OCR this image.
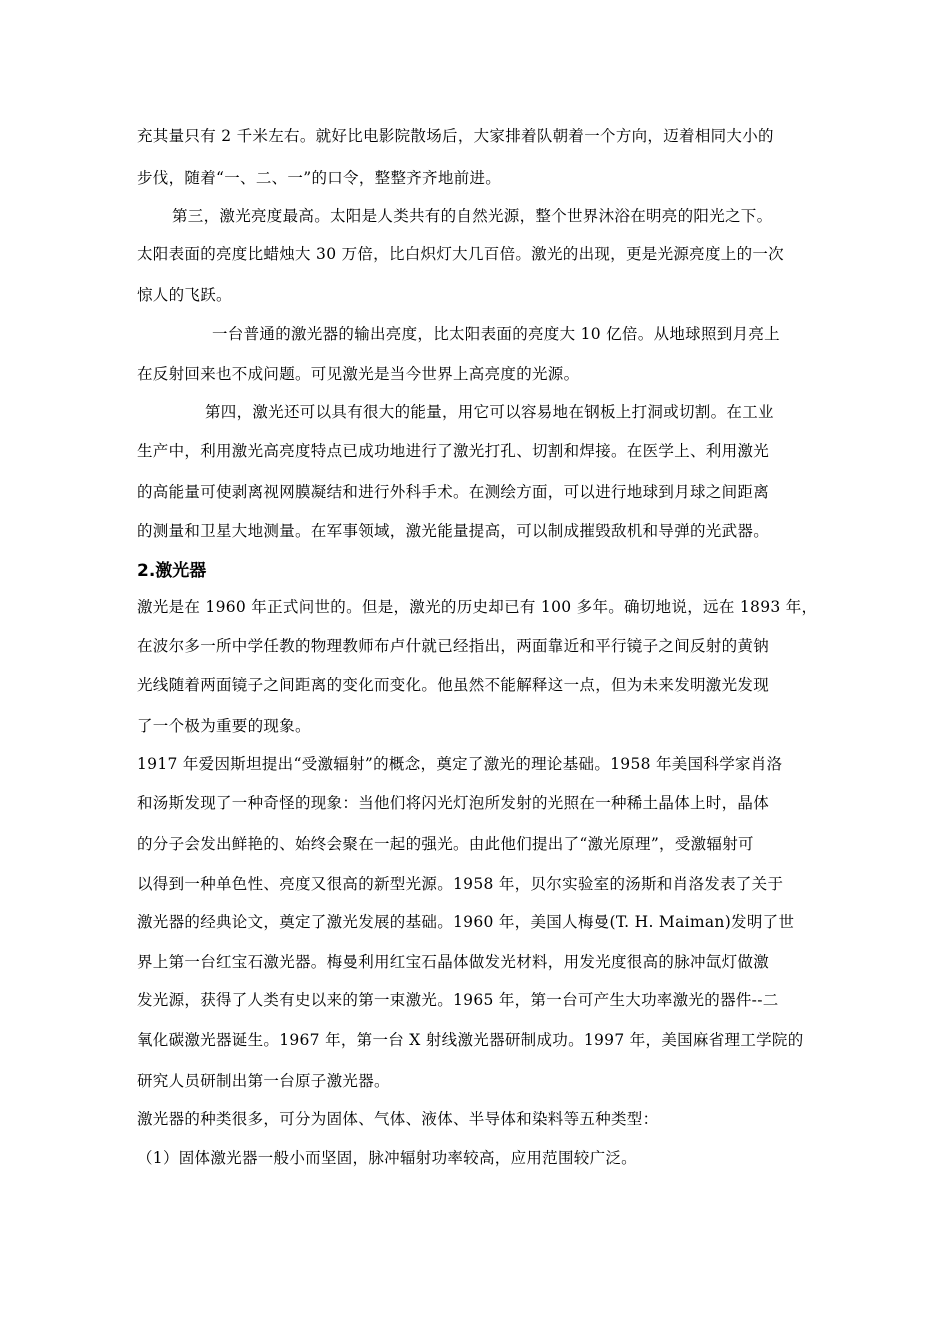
充其量只有 2 千米左右。就好比电影院散场后，大家排着队朝着一个方向，迈着相同大小的
步伐，随着“一、二、一”的口令，整整齐齐地前进。
第三，激光亮度最高。太阳是人类共有的自然光源，整个世界沐浴在明亮的阳光之下。
太阳表面的亮度比蜡烛大 30 万倍，比白炽灯大几百倍。激光的出现，更是光源亮度上的一次
惊人的飞跃。
一台普通的激光器的输出亮度，比太阳表面的亮度大 10 亿倍。从地球照到月亮上
在反射回来也不成问题。可见激光是当今世界上高亮度的光源。
第四，激光还可以具有很大的能量，用它可以容易地在钢板上打洞或切割。在工业
生产中，利用激光高亮度特点已成功地进行了激光打孔、切割和焊接。在医学上、利用激光
的高能量可使剥离视网膜凝结和进行外科手术。在测绘方面，可以进行地球到月球之间距离
的测量和卫星大地测量。在军事领域，激光能量提高，可以制成摧毁敌机和导弹的光武器。
2.激光器
激光是在 1960 年正式问世的。但是，激光的历史却已有 100 多年。确切地说，远在 1893 年，
在波尔多一所中学任教的物理教师布卢什就已经指出，两面靠近和平行镜子之间反射的黄钠
光线随着两面镜子之间距离的变化而变化。他虽然不能解释这一点，但为未来发明激光发现
了一个极为重要的现象。
1917 年爱因斯坦提出“受激辐射”的概念，奠定了激光的理论基础。1958 年美国科学家肖洛
和汤斯发现了一种奇怪的现象：当他们将闪光灯泡所发射的光照在一种稀土晶体上时，晶体
的分子会发出鲜艳的、始终会聚在一起的强光。由此他们提出了“激光原理”，受激辐射可
以得到一种单色性、亮度又很高的新型光源。1958 年，贝尔实验室的汤斯和肖洛发表了关于
激光器的经典论文，奠定了激光发展的基础。1960 年，美国人梅曼(T. H. Maiman)发明了世
界上第一台红宝石激光器。梅曼利用红宝石晶体做发光材料，用发光度很高的脉冲氙灯做激
发光源，获得了人类有史以来的第一束激光。1965 年，第一台可产生大功率激光的器件--二
氧化碳激光器诞生。1967 年，第一台 X 射线激光器研制成功。1997 年，美国麻省理工学院的
研究人员研制出第一台原子激光器。
激光器的种类很多，可分为固体、气体、液体、半导体和染料等五种类型：
（1）固体激光器一般小而坚固，脉冲辐射功率较高，应用范围较广泛。
